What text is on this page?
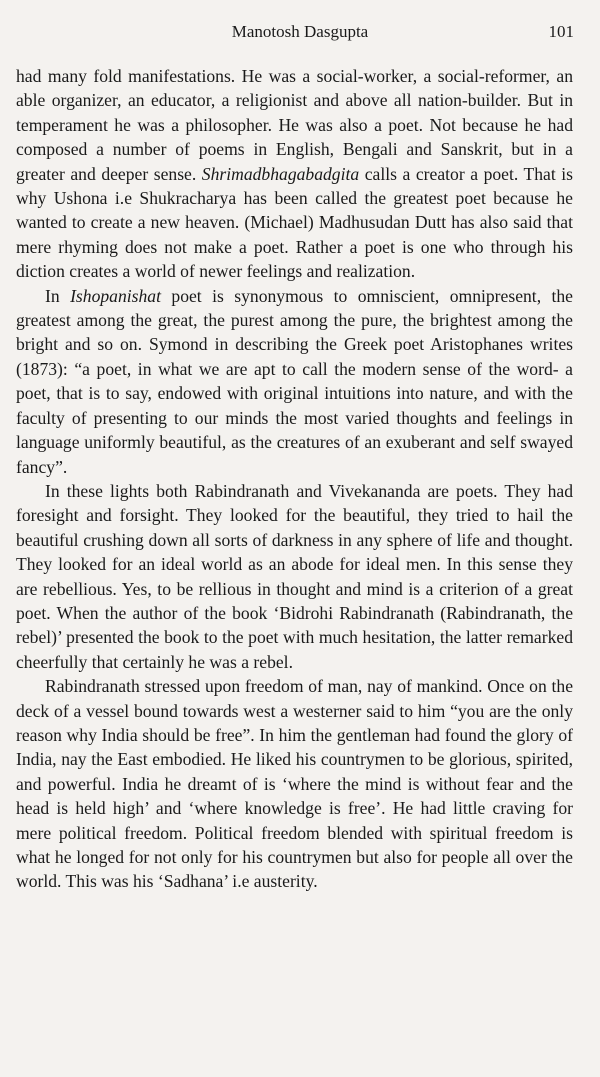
Manotosh Dasgupta	101

had many fold manifestations. He was a social-worker, a social-reformer, an able organizer, an educator, a religionist and above all nation-builder. But in temperament he was a philosopher. He was also a poet. Not because he had composed a number of poems in English, Bengali and Sanskrit, but in a greater and deeper sense. Shrimadbhagabadgita calls a creator a poet. That is why Ushona i.e Shukracharya has been called the greatest poet because he wanted to create a new heaven. (Michael) Madhusudan Dutt has also said that mere rhyming does not make a poet. Rather a poet is one who through his diction creates a world of newer feelings and realization.

In Ishopanishat poet is synonymous to omniscient, omnipresent, the greatest among the great, the purest among the pure, the brightest among the bright and so on. Symond in describing the Greek poet Aristophanes writes (1873): “a poet, in what we are apt to call the modern sense of the word- a poet, that is to say, endowed with original intuitions into nature, and with the faculty of presenting to our minds the most varied thoughts and feelings in language uniformly beautiful, as the creatures of an exuberant and self swayed fancy”.

In these lights both Rabindranath and Vivekananda are poets. They had foresight and forsight. They looked for the beautiful, they tried to hail the beautiful crushing down all sorts of darkness in any sphere of life and thought. They looked for an ideal world as an abode for ideal men. In this sense they are rebellious. Yes, to be rellious in thought and mind is a criterion of a great poet. When the author of the book ‘Bidrohi Rabindranath (Rabindranath, the rebel)’ presented the book to the poet with much hesitation, the latter remarked cheerfully that certainly he was a rebel.

Rabindranath stressed upon freedom of man, nay of mankind. Once on the deck of a vessel bound towards west a westerner said to him “you are the only reason why India should be free”. In him the gentleman had found the glory of India, nay the East embodied. He liked his countrymen to be glorious, spirited, and powerful. India he dreamt of is ‘where the mind is without fear and the head is held high’ and ‘where knowledge is free’. He had little craving for mere political freedom. Political freedom blended with spiritual freedom is what he longed for not only for his countrymen but also for people all over the world. This was his ‘Sadhana’ i.e austerity.
